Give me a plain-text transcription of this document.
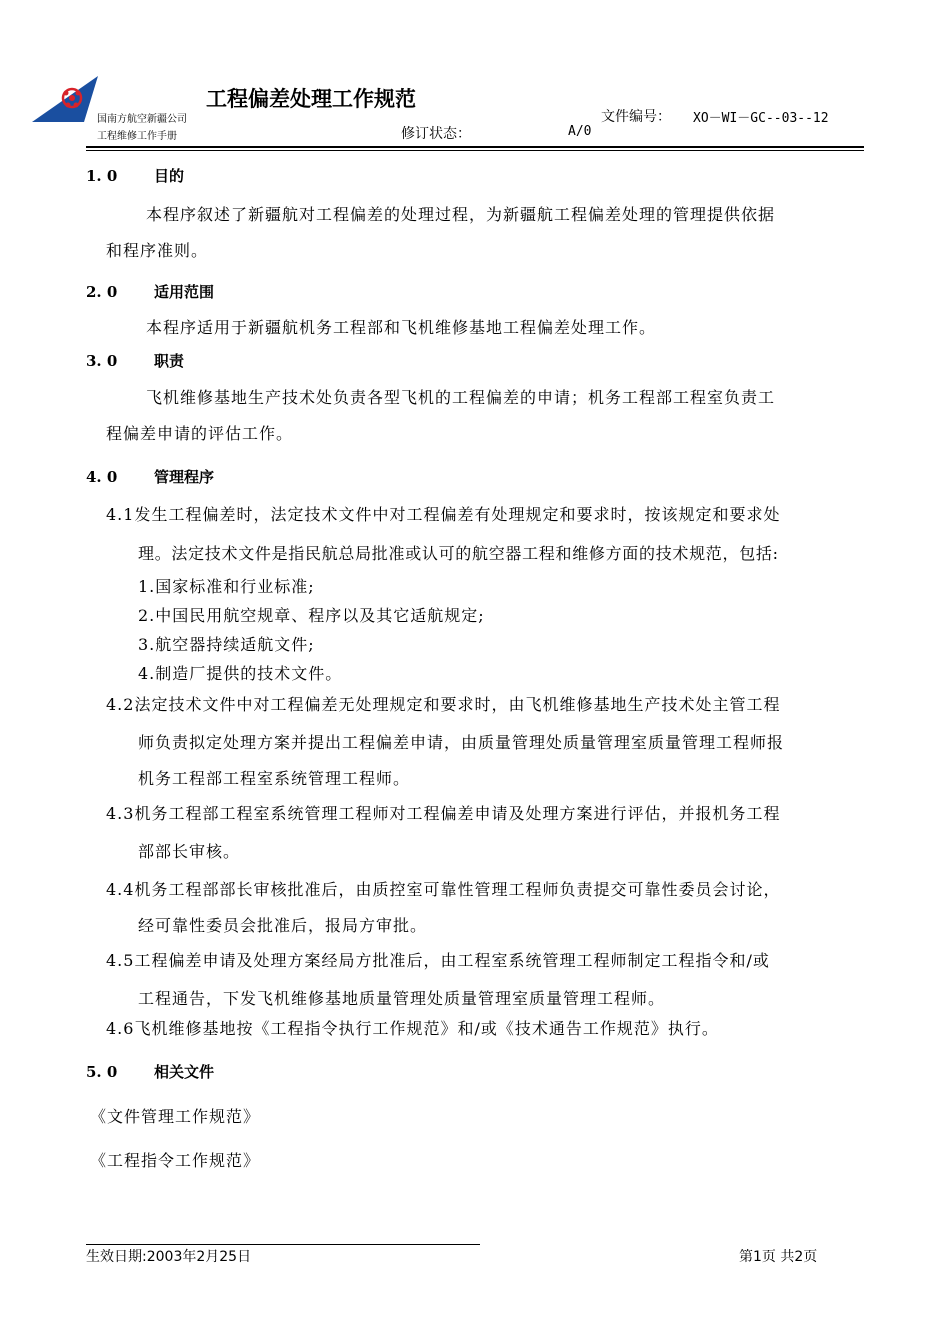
工程偏差处理工作规范
国南方航空新疆公司
工程维修工作手册
文件编号： XO－WI－GC--03--12
修订状态：	A/0
1. 0 目的
本程序叙述了新疆航对工程偏差的处理过程，为新疆航工程偏差处理的管理提供依据
和程序准则。
2. 0 适用范围
本程序适用于新疆航机务工程部和飞机维修基地工程偏差处理工作。
3. 0 职责
飞机维修基地生产技术处负责各型飞机的工程偏差的申请；机务工程部工程室负责工
程偏差申请的评估工作。
4. 0 管理程序
4.1发生工程偏差时，法定技术文件中对工程偏差有处理规定和要求时，按该规定和要求处
理。法定技术文件是指民航总局批准或认可的航空器工程和维修方面的技术规范，包括:
1.国家标准和行业标准;
2.中国民用航空规章、程序以及其它适航规定;
3.航空器持续适航文件;
4.制造厂提供的技术文件。
4.2法定技术文件中对工程偏差无处理规定和要求时，由飞机维修基地生产技术处主管工程
师负责拟定处理方案并提出工程偏差申请，由质量管理处质量管理室质量管理工程师报
机务工程部工程室系统管理工程师。
4.3机务工程部工程室系统管理工程师对工程偏差申请及处理方案进行评估，并报机务工程
部部长审核。
4.4机务工程部部长审核批准后，由质控室可靠性管理工程师负责提交可靠性委员会讨论，
经可靠性委员会批准后，报局方审批。
4.5工程偏差申请及处理方案经局方批准后，由工程室系统管理工程师制定工程指令和/或
工程通告，下发飞机维修基地质量管理处质量管理室质量管理工程师。
4.6飞机维修基地按《工程指令执行工作规范》和/或《技术通告工作规范》执行。
5. 0 相关文件
《文件管理工作规范》
《工程指令工作规范》
生效日期:2003年2月25日	第1页 共2页
